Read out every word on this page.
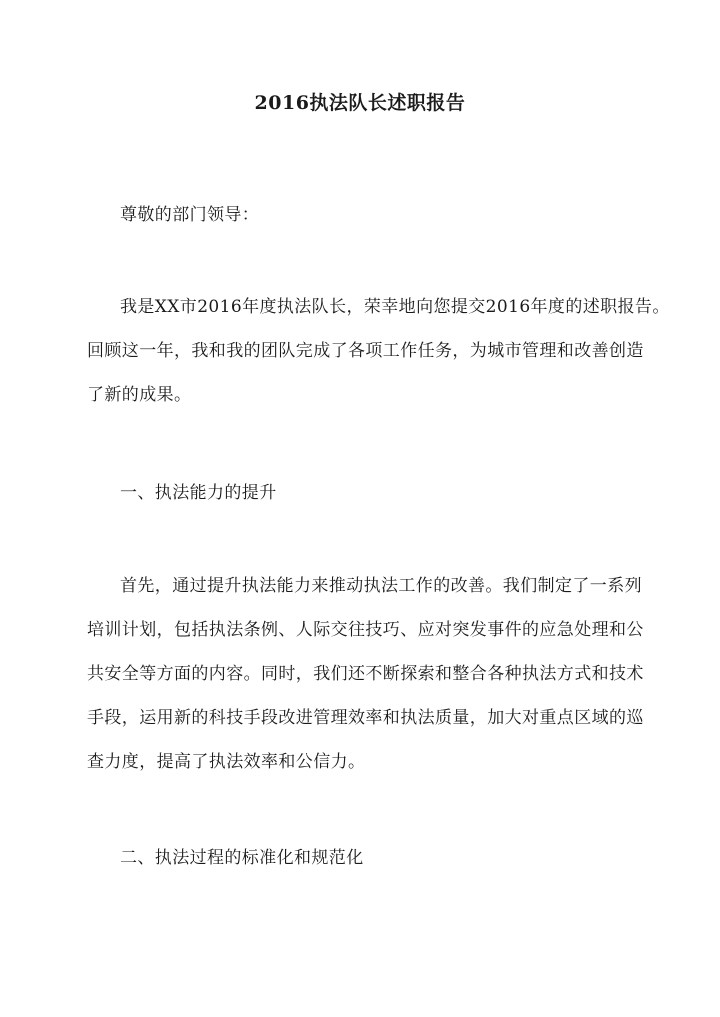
2016执法队长述职报告
尊敬的部门领导：
我是XX市2016年度执法队长，荣幸地向您提交2016年度的述职报告。
回顾这一年，我和我的团队完成了各项工作任务，为城市管理和改善创造
了新的成果。
一、执法能力的提升
首先，通过提升执法能力来推动执法工作的改善。我们制定了一系列
培训计划，包括执法条例、人际交往技巧、应对突发事件的应急处理和公
共安全等方面的内容。同时，我们还不断探索和整合各种执法方式和技术
手段，运用新的科技手段改进管理效率和执法质量，加大对重点区域的巡
查力度，提高了执法效率和公信力。
二、执法过程的标准化和规范化
